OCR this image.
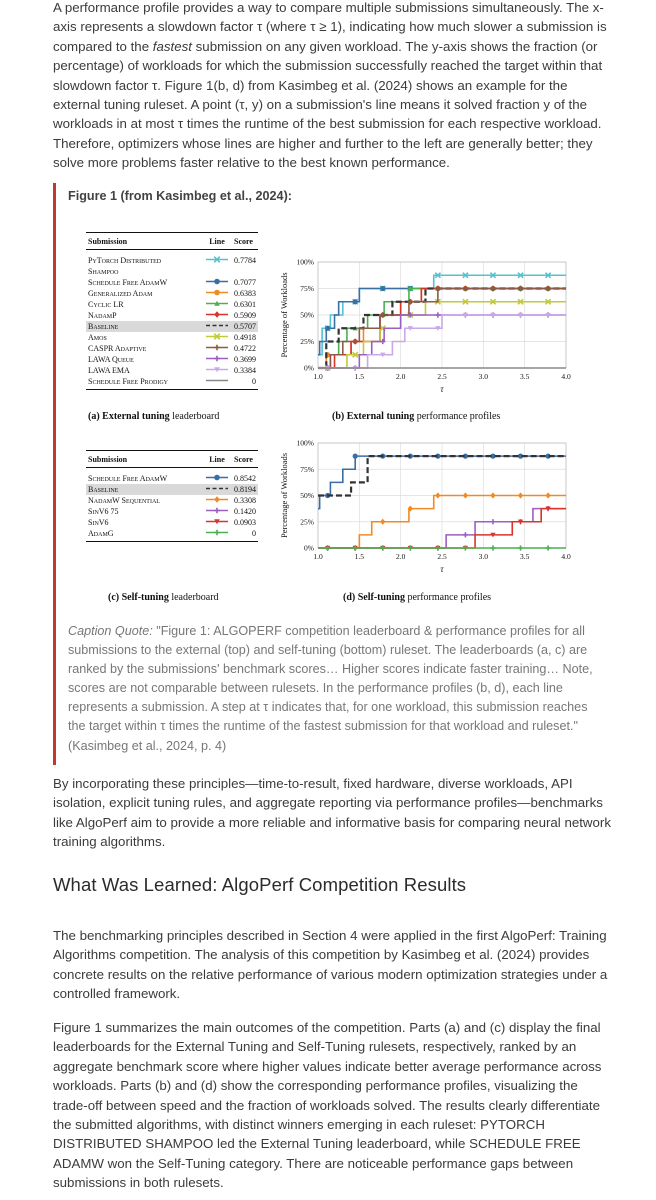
A performance profile provides a way to compare multiple submissions simultaneously. The x-axis represents a slowdown factor τ (where τ ≥ 1), indicating how much slower a submission is compared to the fastest submission on any given workload. The y-axis shows the fraction (or percentage) of workloads for which the submission successfully reached the target within that slowdown factor τ. Figure 1(b, d) from Kasimbeg et al. (2024) shows an example for the external tuning ruleset. A point (τ, y) on a submission's line means it solved fraction y of the workloads in at most τ times the runtime of the best submission for each respective workload. Therefore, optimizers whose lines are higher and further to the left are generally better; they solve more problems faster relative to the best known performance.

Figure 1 (from Kasimbeg et al., 2024):

Submission	Line	Score

PyTorch Distributed		0.7784
Shampoo		
Schedule Free AdamW		0.7077
Generalized Adam		0.6383
Cyclic LR		0.6301
NadamP		0.5909
Baseline		0.5707
Amos		0.4918
CASPR Adaptive		0.4722
LAWA Queue		0.3699
LAWA EMA		0.3384
Schedule Free Prodigy		0

(a) External tuning leaderboard
0%
25%
50%
75%
100%
1.0	1.5	2.0	2.5	3.0	3.5	4.0
τ
Percentage of Workloads
(b) External tuning performance profiles

Submission	Line	Score

Schedule Free AdamW		0.8542
Baseline		0.8194
NadamW Sequential		0.3308
SinV6 75		0.1420
SinV6		0.0903
AdamG		0

(c) Self-tuning leaderboard
0%
25%
50%
75%
100%
1.0	1.5	2.0	2.5	3.0	3.5	4.0
τ
Percentage of Workloads
(d) Self-tuning performance profiles

Caption Quote: "Figure 1: ALGOPERF competition leaderboard & performance profiles for all submissions to the external (top) and self-tuning (bottom) ruleset. The leaderboards (a, c) are ranked by the submissions' benchmark scores… Higher scores indicate faster training… Note, scores are not comparable between rulesets. In the performance profiles (b, d), each line represents a submission. A step at τ indicates that, for one workload, this submission reaches the target within τ times the runtime of the fastest submission for that workload and ruleset." (Kasimbeg et al., 2024, p. 4)

By incorporating these principles—time-to-result, fixed hardware, diverse workloads, API isolation, explicit tuning rules, and aggregate reporting via performance profiles—benchmarks like AlgoPerf aim to provide a more reliable and informative basis for comparing neural network training algorithms.

What Was Learned: AlgoPerf Competition Results

The benchmarking principles described in Section 4 were applied in the first AlgoPerf: Training Algorithms competition. The analysis of this competition by Kasimbeg et al. (2024) provides concrete results on the relative performance of various modern optimization strategies under a controlled framework.

Figure 1 summarizes the main outcomes of the competition. Parts (a) and (c) display the final leaderboards for the External Tuning and Self-Tuning rulesets, respectively, ranked by an aggregate benchmark score where higher values indicate better average performance across workloads. Parts (b) and (d) show the corresponding performance profiles, visualizing the trade-off between speed and the fraction of workloads solved. The results clearly differentiate the submitted algorithms, with distinct winners emerging in each ruleset: PYTORCH DISTRIBUTED SHAMPOO led the External Tuning leaderboard, while SCHEDULE FREE ADAMW won the Self-Tuning category. There are noticeable performance gaps between submissions in both rulesets.
